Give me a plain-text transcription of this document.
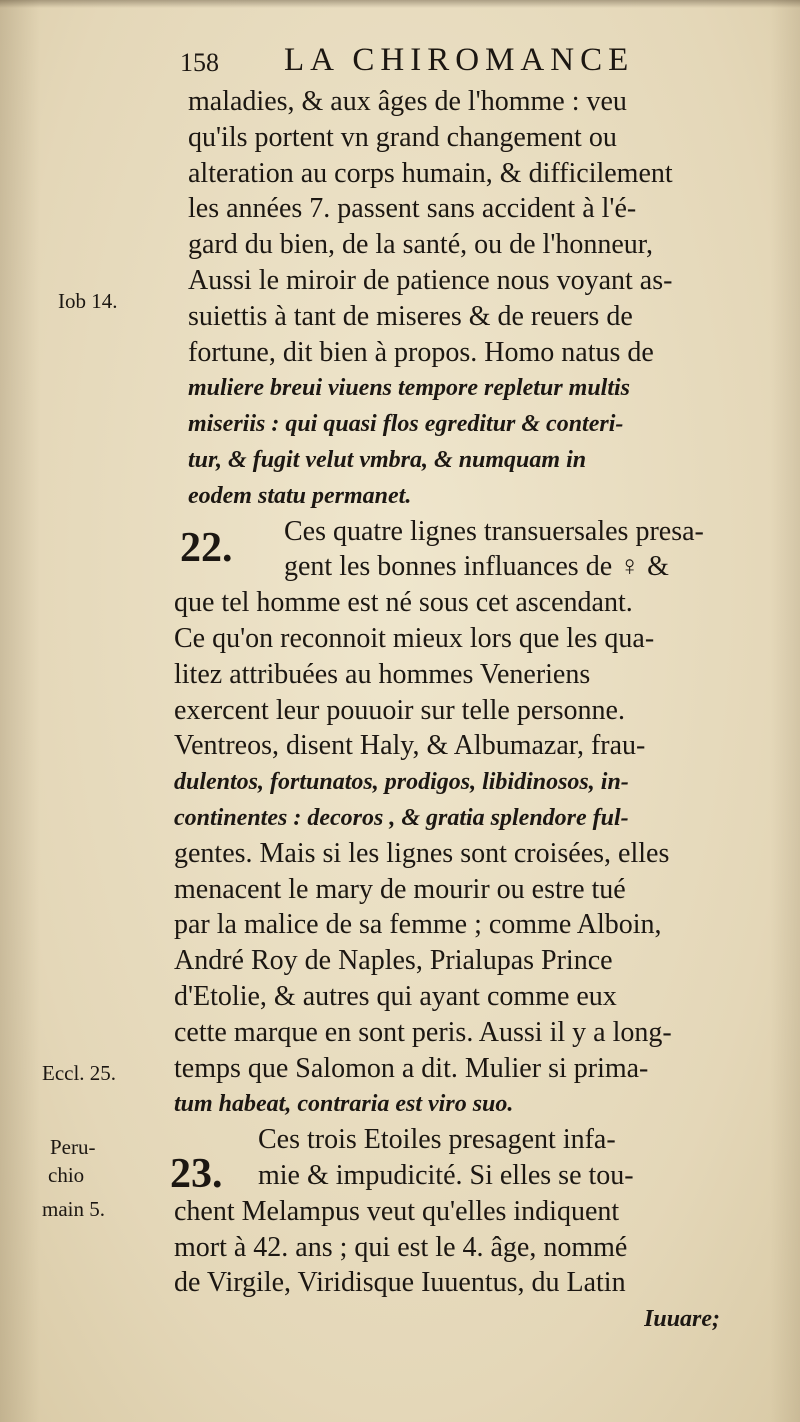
158 LA CHIROMANCE
Iob 14.
Eccl. 25.
Peru-
chio
main 5.
22.
23.
maladies, & aux âges de l'homme : veu
qu'ils portent vn grand changement ou
alteration au corps humain, & difficilement
les années 7. passent sans accident à l'é-
gard du bien, de la santé, ou de l'honneur,
Aussi le miroir de patience nous voyant as-
suiettis à tant de miseres & de reuers de
fortune, dit bien à propos. Homo natus de
muliere breui viuens tempore repletur multis
miseriis : qui quasi flos egreditur & conteri-
tur, & fugit velut vmbra, & numquam in
eodem statu permanet.
Ces quatre lignes transuersales presa-
gent les bonnes influances de ♀ &
que tel homme est né sous cet ascendant.
Ce qu'on reconnoit mieux lors que les qua-
litez attribuées au hommes Veneriens
exercent leur pouuoir sur telle personne.
Ventreos, disent Haly, & Albumazar, frau-
dulentos, fortunatos, prodigos, libidinosos, in-
continentes : decoros , & gratia splendore ful-
gentes. Mais si les lignes sont croisées, elles
menacent le mary de mourir ou estre tué
par la malice de sa femme ; comme Alboin,
André Roy de Naples, Prialupas Prince
d'Etolie, & autres qui ayant comme eux
cette marque en sont peris. Aussi il y a long-
temps que Salomon a dit. Mulier si prima-
tum habeat, contraria est viro suo.
Ces trois Etoiles presagent infa-
mie & impudicité. Si elles se tou-
chent Melampus veut qu'elles indiquent
mort à 42. ans ; qui est le 4. âge, nommé
de Virgile, Viridisque Iuuentus, du Latin
Iuuare;
